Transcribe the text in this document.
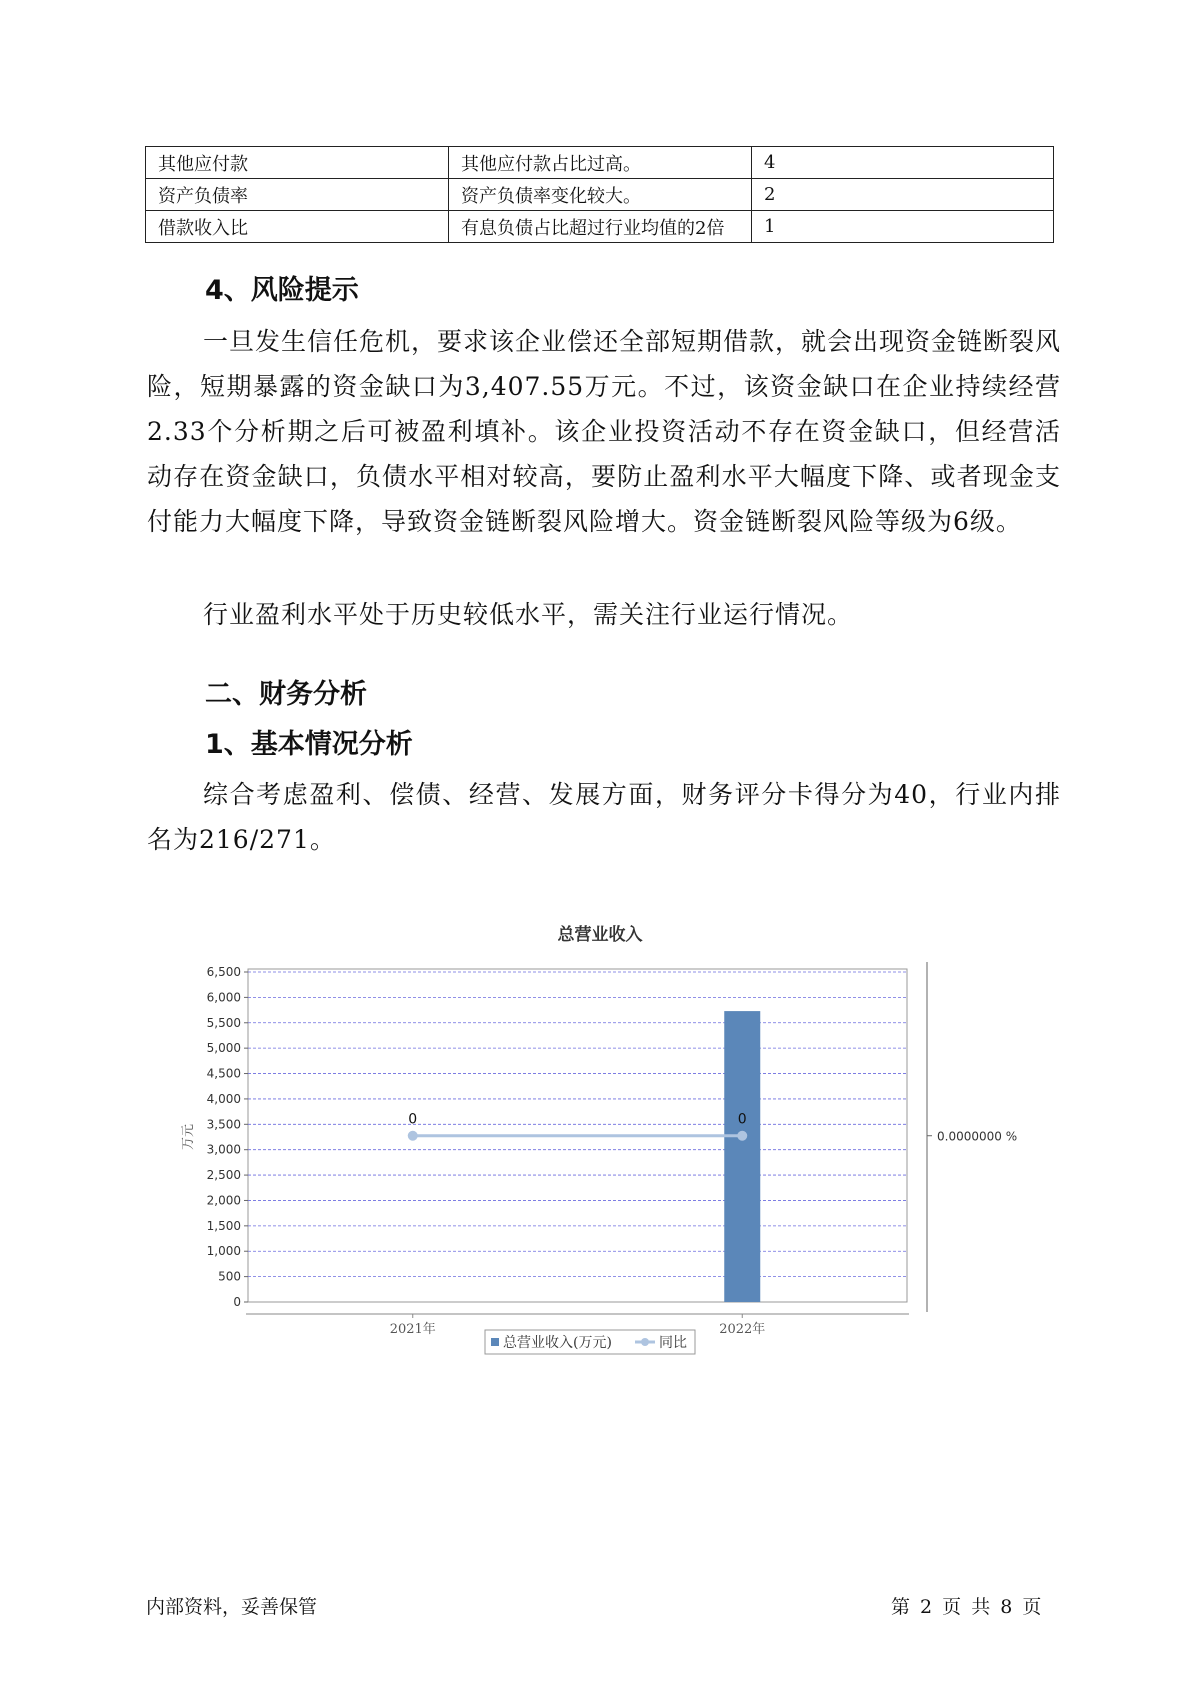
其他应付款	其他应付款占比过高。	4
资产负债率	资产负债率变化较大。	2
借款收入比	有息负债占比超过行业均值的2倍	1
4、风险提示

一旦发生信任危机，要求该企业偿还全部短期借款，就会出现资金链断裂风险，短期暴露的资金缺口为3,407.55万元。不过，该资金缺口在企业持续经营 2.33个分析期之后可被盈利填补。该企业投资活动不存在资金缺口，但经营活动存在资金缺口，负债水平相对较高，要防止盈利水平大幅度下降、或者现金支付能力大幅度下降，导致资金链断裂风险增大。资金链断裂风险等级为6级。

行业盈利水平处于历史较低水平，需关注行业运行情况。

二、财务分析
1、基本情况分析

综合考虑盈利、偿债、经营、发展方面，财务评分卡得分为40，行业内排名为216/271。

总营业收入
0
500
1,000
1,500
2,000
2,500
3,000
3,500
4,000
4,500
5,000
5,500
6,000
6,500
万元
2021年	2022年
0.0000000 %
0	0
总营业收入(万元)	同比
内部资料，妥善保管	第 2 页 共 8 页
